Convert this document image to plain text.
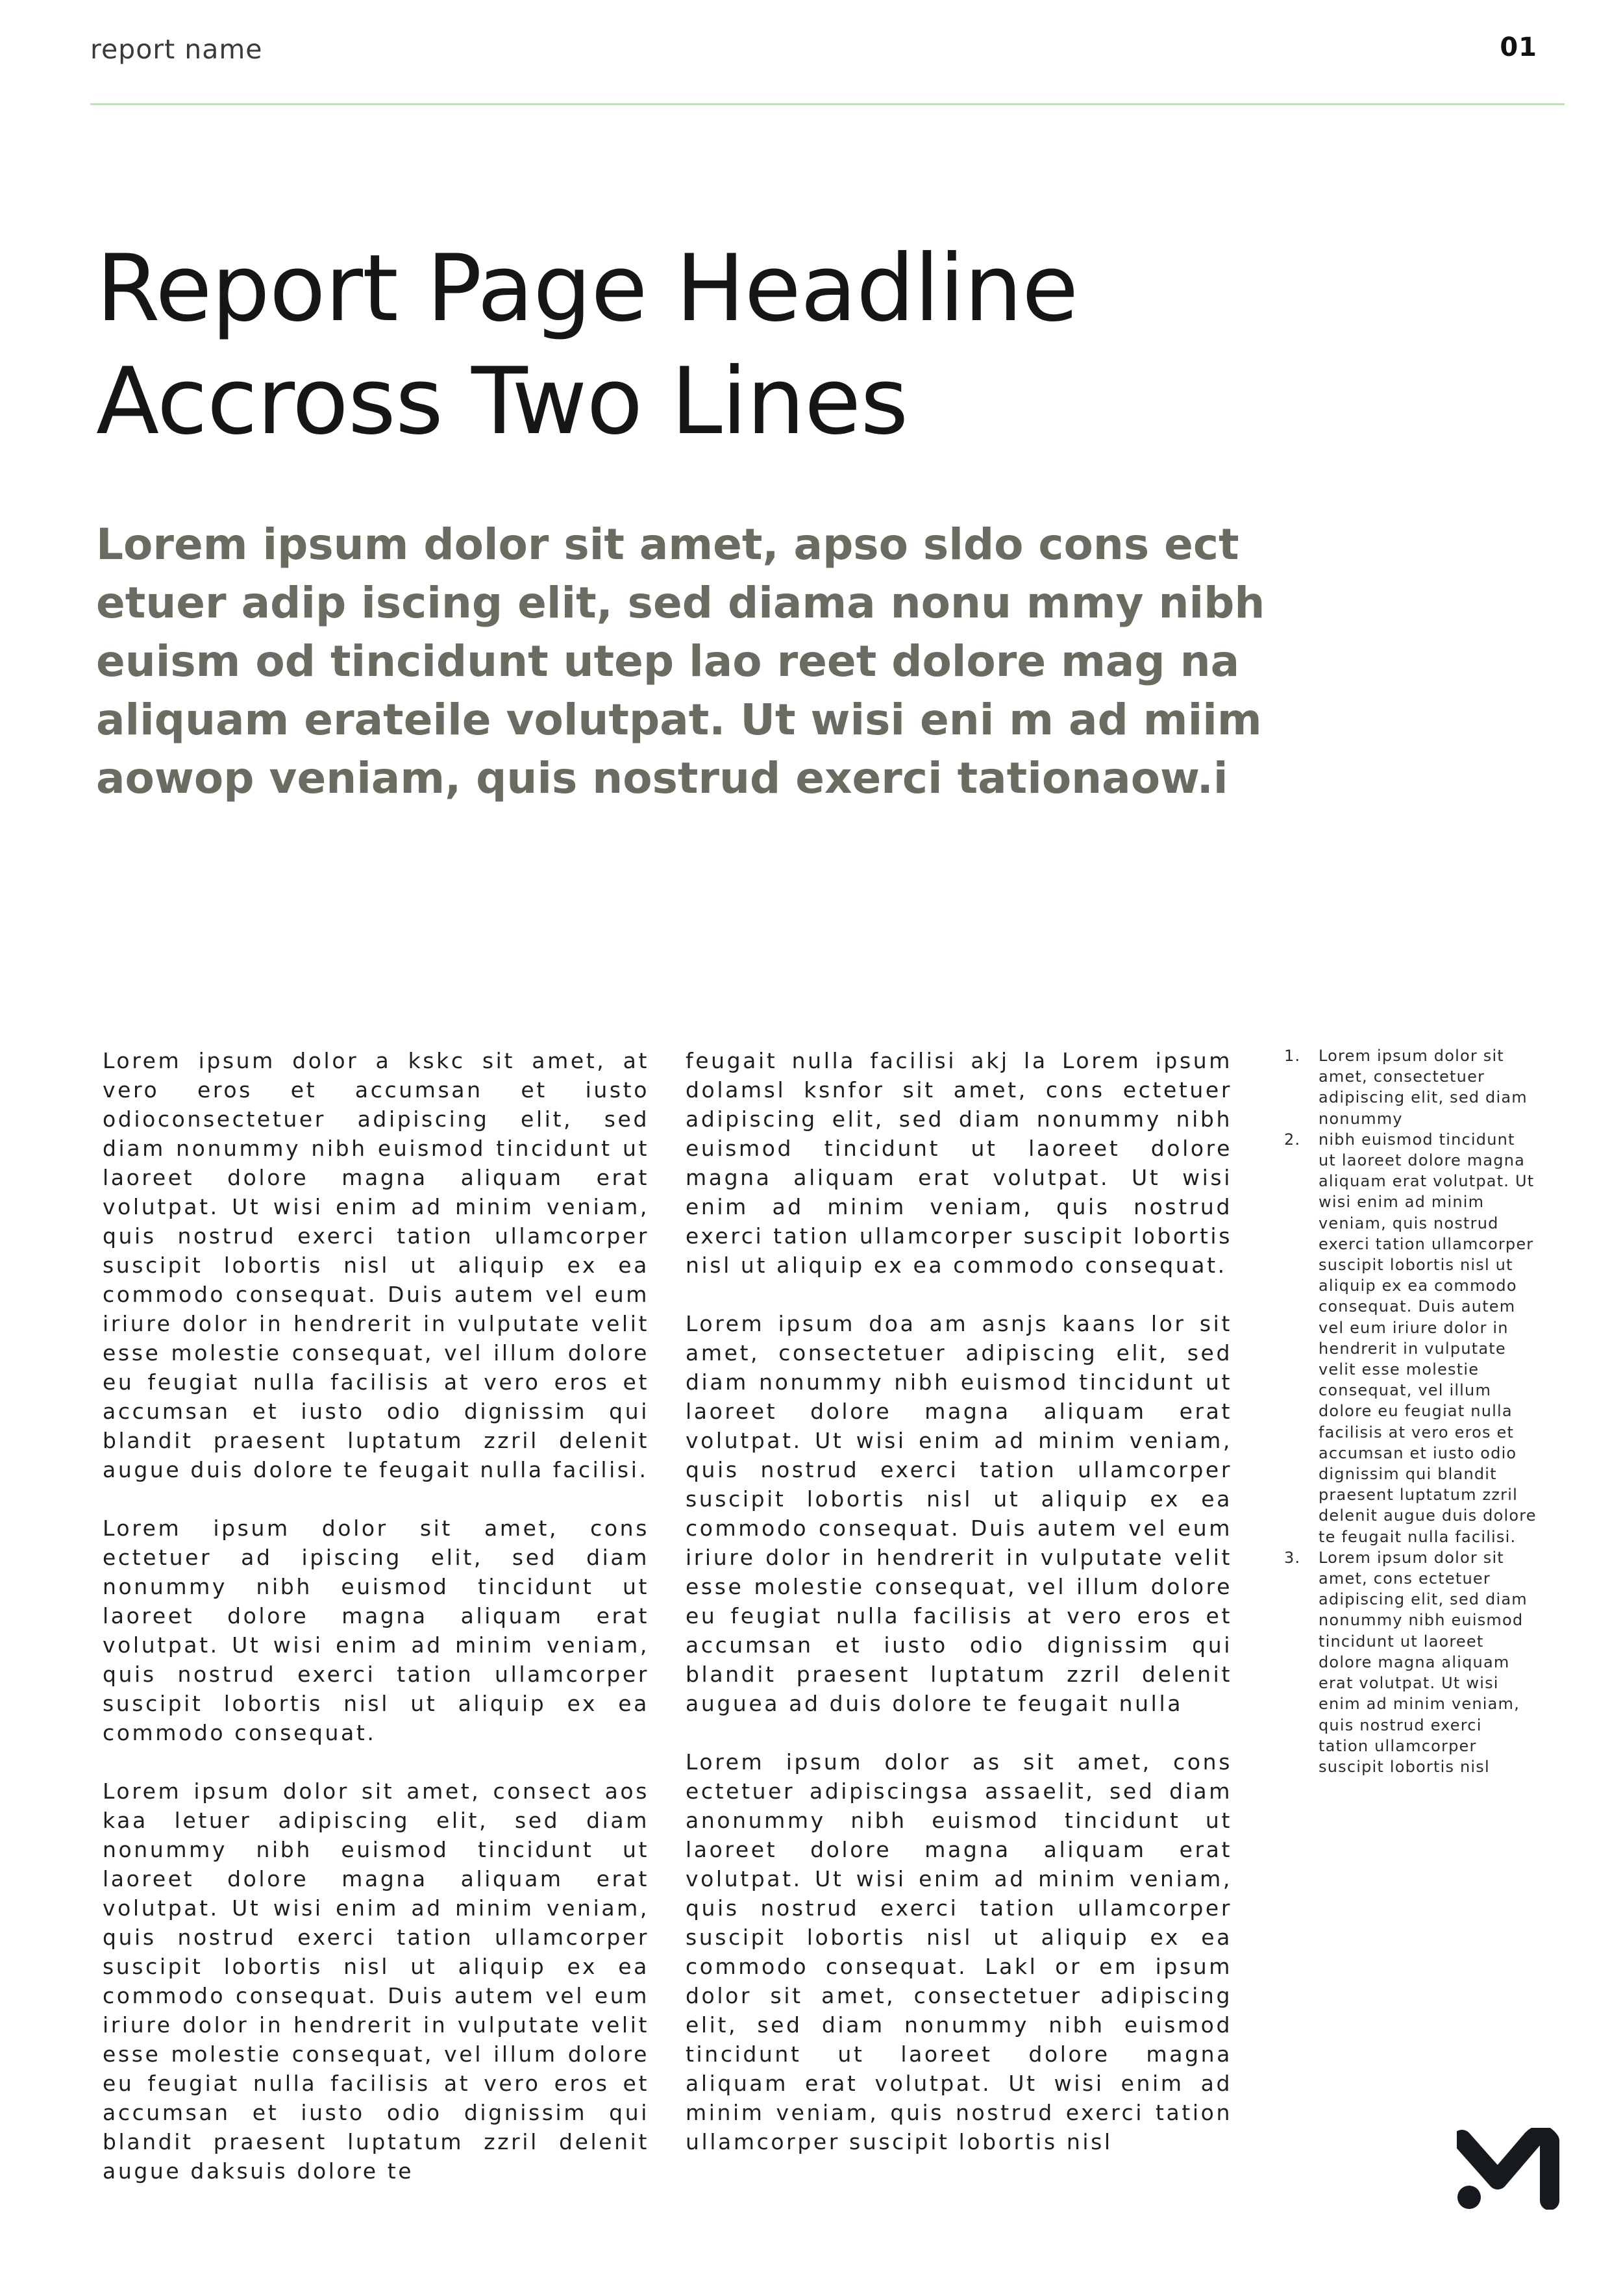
report name	01
Report Page Headline
Accross Two Lines
Lorem ipsum dolor sit amet, apso sldo cons ect
etuer adip iscing elit, sed diama nonu mmy nibh
euism od tincidunt utep lao reet dolore mag na
aliquam erateile volutpat. Ut wisi eni m ad miim
aowop veniam, quis nostrud exerci tationaow.i

Lorem ipsum dolor a kskc sit amet, at vero eros et accumsan et iusto odioconsectetuer adipiscing elit, sed diam nonummy nibh euismod tincidunt ut laoreet dolore magna aliquam erat volutpat. Ut wisi enim ad minim veniam, quis nostrud exerci tation ullamcorper suscipit lobortis nisl ut aliquip ex ea commodo consequat. Duis autem vel eum iriure dolor in hendrerit in vulputate velit esse molestie consequat, vel illum dolore eu feugiat nulla facilisis at vero eros et accumsan et iusto odio dignissim qui blandit praesent luptatum zzril delenit augue duis dolore te feugait nulla facilisi.

Lorem ipsum dolor sit amet, cons ectetuer ad ipiscing elit, sed diam nonummy nibh euismod tincidunt ut laoreet dolore magna aliquam erat volutpat. Ut wisi enim ad minim veniam, quis nostrud exerci tation ullamcorper suscipit lobortis nisl ut aliquip ex ea commodo consequat.

Lorem ipsum dolor sit amet, consect aos kaa letuer adipiscing elit, sed diam nonummy nibh euismod tincidunt ut laoreet dolore magna aliquam erat volutpat. Ut wisi enim ad minim veniam, quis nostrud exerci tation ullamcorper suscipit lobortis nisl ut aliquip ex ea commodo consequat. Duis autem vel eum iriure dolor in hendrerit in vulputate velit esse molestie consequat, vel illum dolore eu feugiat nulla facilisis at vero eros et accumsan et iusto odio dignissim qui blandit praesent luptatum zzril delenit augue daksuis dolore te

feugait nulla facilisi akj la Lorem ipsum dolamsl ksnfor sit amet, cons ectetuer adipiscing elit, sed diam nonummy nibh euismod tincidunt ut laoreet dolore magna aliquam erat volutpat. Ut wisi enim ad minim veniam, quis nostrud exerci tation ullamcorper suscipit lobortis nisl ut aliquip ex ea commodo consequat.

Lorem ipsum doa am asnjs kaans lor sit amet, consectetuer adipiscing elit, sed diam nonummy nibh euismod tincidunt ut laoreet dolore magna aliquam erat volutpat. Ut wisi enim ad minim veniam, quis nostrud exerci tation ullamcorper suscipit lobortis nisl ut aliquip ex ea commodo consequat. Duis autem vel eum iriure dolor in hendrerit in vulputate velit esse molestie consequat, vel illum dolore eu feugiat nulla facilisis at vero eros et accumsan et iusto odio dignissim qui blandit praesent luptatum zzril delenit auguea ad duis dolore te feugait nulla

Lorem ipsum dolor as sit amet, cons ectetuer adipiscingsa assaelit, sed diam anonummy nibh euismod tincidunt ut laoreet dolore magna aliquam erat volutpat. Ut wisi enim ad minim veniam, quis nostrud exerci tation ullamcorper suscipit lobortis nisl ut aliquip ex ea commodo consequat. Lakl or em ipsum dolor sit amet, consectetuer adipiscing elit, sed diam nonummy nibh euismod tincidunt ut laoreet dolore magna aliquam erat volutpat. Ut wisi enim ad minim veniam, quis nostrud exerci tation ullamcorper suscipit lobortis nisl

1. Lorem ipsum dolor sit
amet, consectetuer
adipiscing elit, sed diam
nonummy
2. nibh euismod tincidunt
ut laoreet dolore magna
aliquam erat volutpat. Ut
wisi enim ad minim
veniam, quis nostrud
exerci tation ullamcorper
suscipit lobortis nisl ut
aliquip ex ea commodo
consequat. Duis autem
vel eum iriure dolor in
hendrerit in vulputate
velit esse molestie
consequat, vel illum
dolore eu feugiat nulla
facilisis at vero eros et
accumsan et iusto odio
dignissim qui blandit
praesent luptatum zzril
delenit augue duis dolore
te feugait nulla facilisi.
3. Lorem ipsum dolor sit
amet, cons ectetuer
adipiscing elit, sed diam
nonummy nibh euismod
tincidunt ut laoreet
dolore magna aliquam
erat volutpat. Ut wisi
enim ad minim veniam,
quis nostrud exerci
tation ullamcorper
suscipit lobortis nisl
